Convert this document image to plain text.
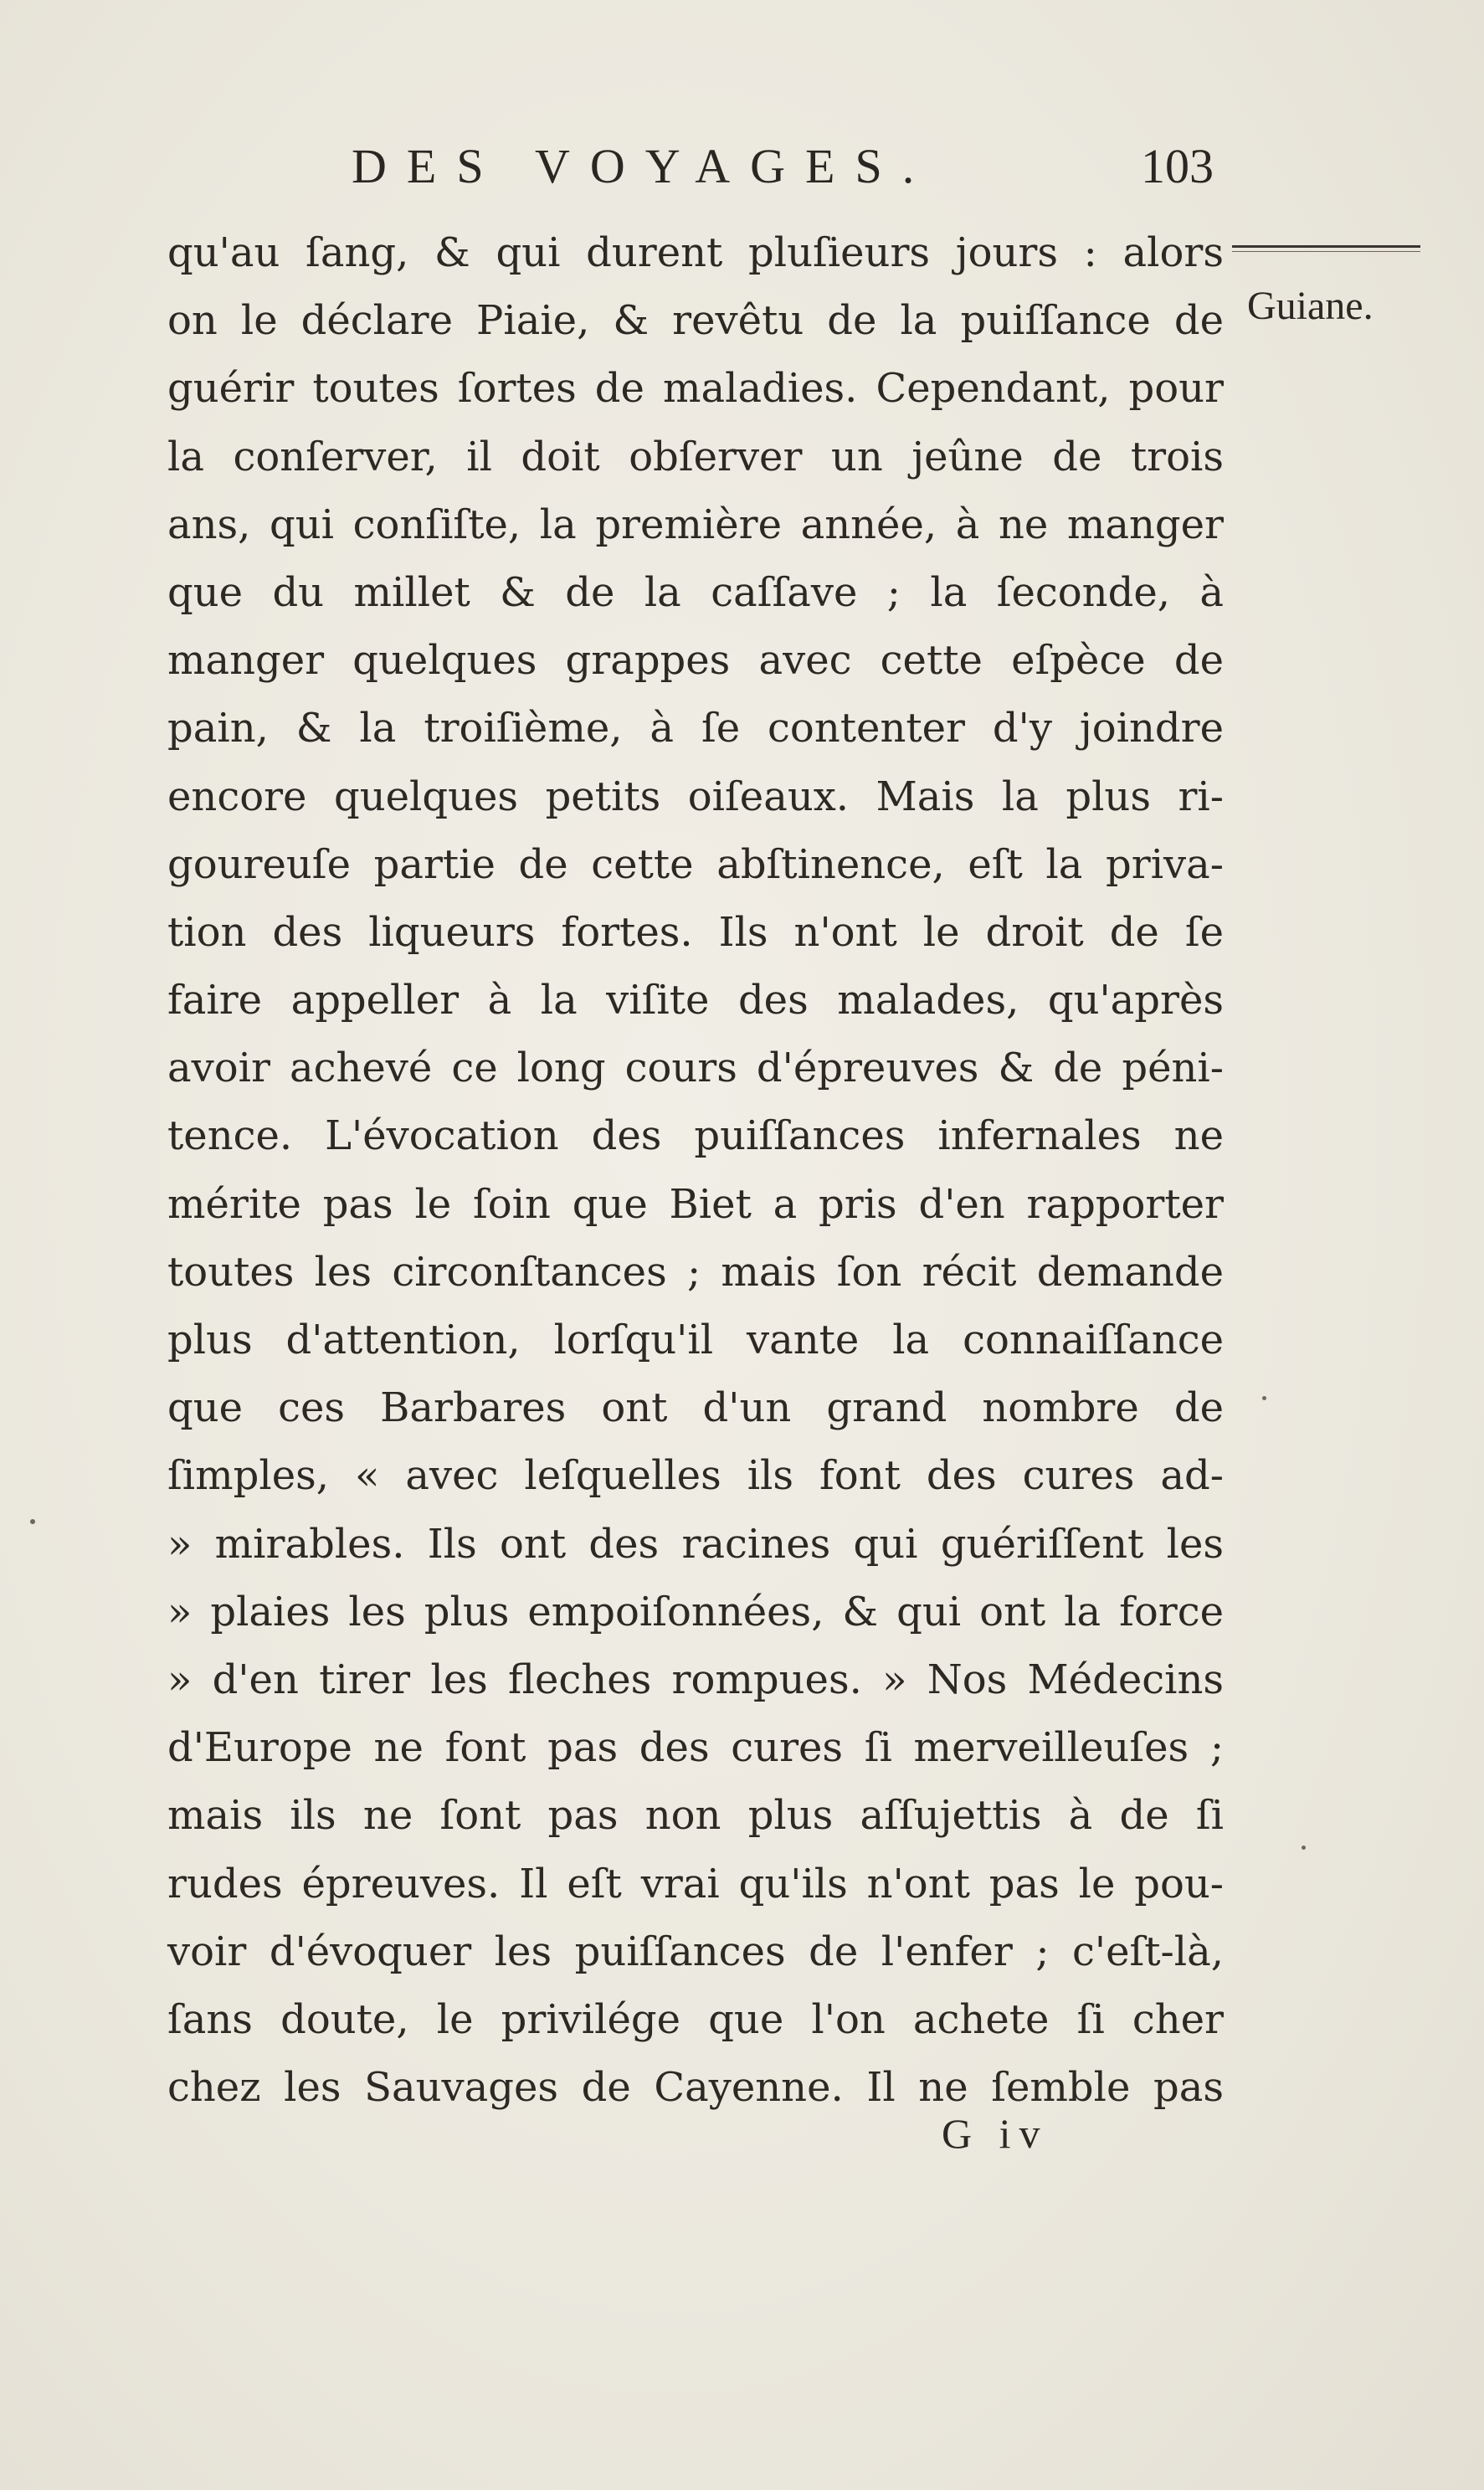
DES VOYAGES.	103
Guiane.
qu'au ſang, & qui durent pluſieurs jours : alors
on le déclare Piaie, & revêtu de la puiſſance de
guérir toutes ſortes de maladies. Cependant, pour
la conſerver, il doit obſerver un jeûne de trois
ans, qui conſiſte, la première année, à ne manger
que du millet & de la caſſave ; la ſeconde, à
manger quelques grappes avec cette eſpèce de
pain, & la troiſième, à ſe contenter d'y joindre
encore quelques petits oiſeaux. Mais la plus ri-
goureuſe partie de cette abſtinence, eſt la priva-
tion des liqueurs fortes. Ils n'ont le droit de ſe
faire appeller à la viſite des malades, qu'après
avoir achevé ce long cours d'épreuves & de péni-
tence. L'évocation des puiſſances infernales ne
mérite pas le ſoin que Biet a pris d'en rapporter
toutes les circonſtances ; mais ſon récit demande
plus d'attention, lorſqu'il vante la connaiſſance
que ces Barbares ont d'un grand nombre de
ſimples, « avec leſquelles ils font des cures ad-
» mirables. Ils ont des racines qui guériſſent les
» plaies les plus empoiſonnées, & qui ont la force
» d'en tirer les fleches rompues. » Nos Médecins
d'Europe ne font pas des cures ſi merveilleuſes ;
mais ils ne ſont pas non plus aſſujettis à de ſi
rudes épreuves. Il eſt vrai qu'ils n'ont pas le pou-
voir d'évoquer les puiſſances de l'enfer ; c'eſt-là,
ſans doute, le privilége que l'on achete ſi cher
chez les Sauvages de Cayenne. Il ne ſemble pas
G iv
